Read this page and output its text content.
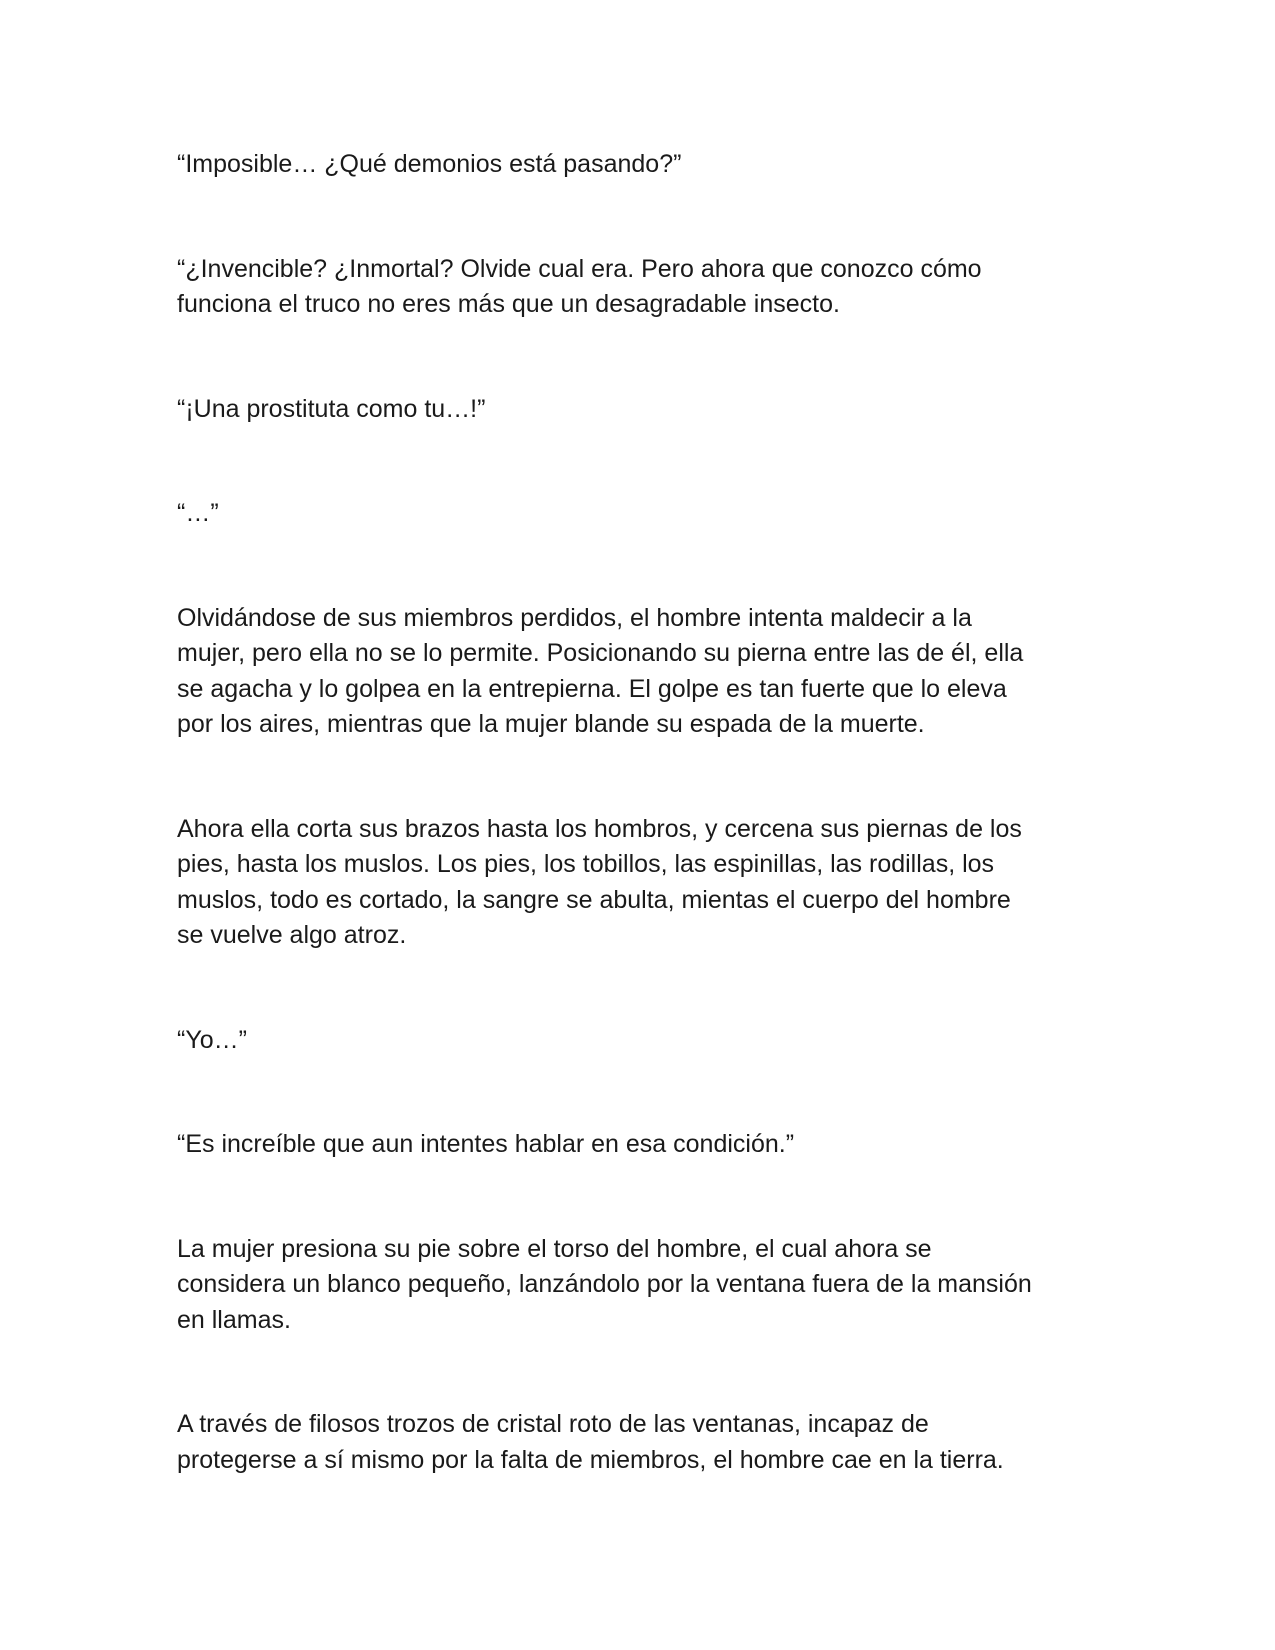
“Imposible… ¿Qué demonios está pasando?”

“¿Invencible? ¿Inmortal? Olvide cual era. Pero ahora que conozco cómo
funciona el truco no eres más que un desagradable insecto.

“¡Una prostituta como tu…!”

“…”

Olvidándose de sus miembros perdidos, el hombre intenta maldecir a la
mujer, pero ella no se lo permite. Posicionando su pierna entre las de él, ella
se agacha y lo golpea en la entrepierna. El golpe es tan fuerte que lo eleva
por los aires, mientras que la mujer blande su espada de la muerte.

Ahora ella corta sus brazos hasta los hombros, y cercena sus piernas de los
pies, hasta los muslos. Los pies, los tobillos, las espinillas, las rodillas, los
muslos, todo es cortado, la sangre se abulta, mientas el cuerpo del hombre
se vuelve algo atroz.

“Yo…”

“Es increíble que aun intentes hablar en esa condición.”

La mujer presiona su pie sobre el torso del hombre, el cual ahora se
considera un blanco pequeño, lanzándolo por la ventana fuera de la mansión
en llamas.

A través de filosos trozos de cristal roto de las ventanas, incapaz de
protegerse a sí mismo por la falta de miembros, el hombre cae en la tierra.
